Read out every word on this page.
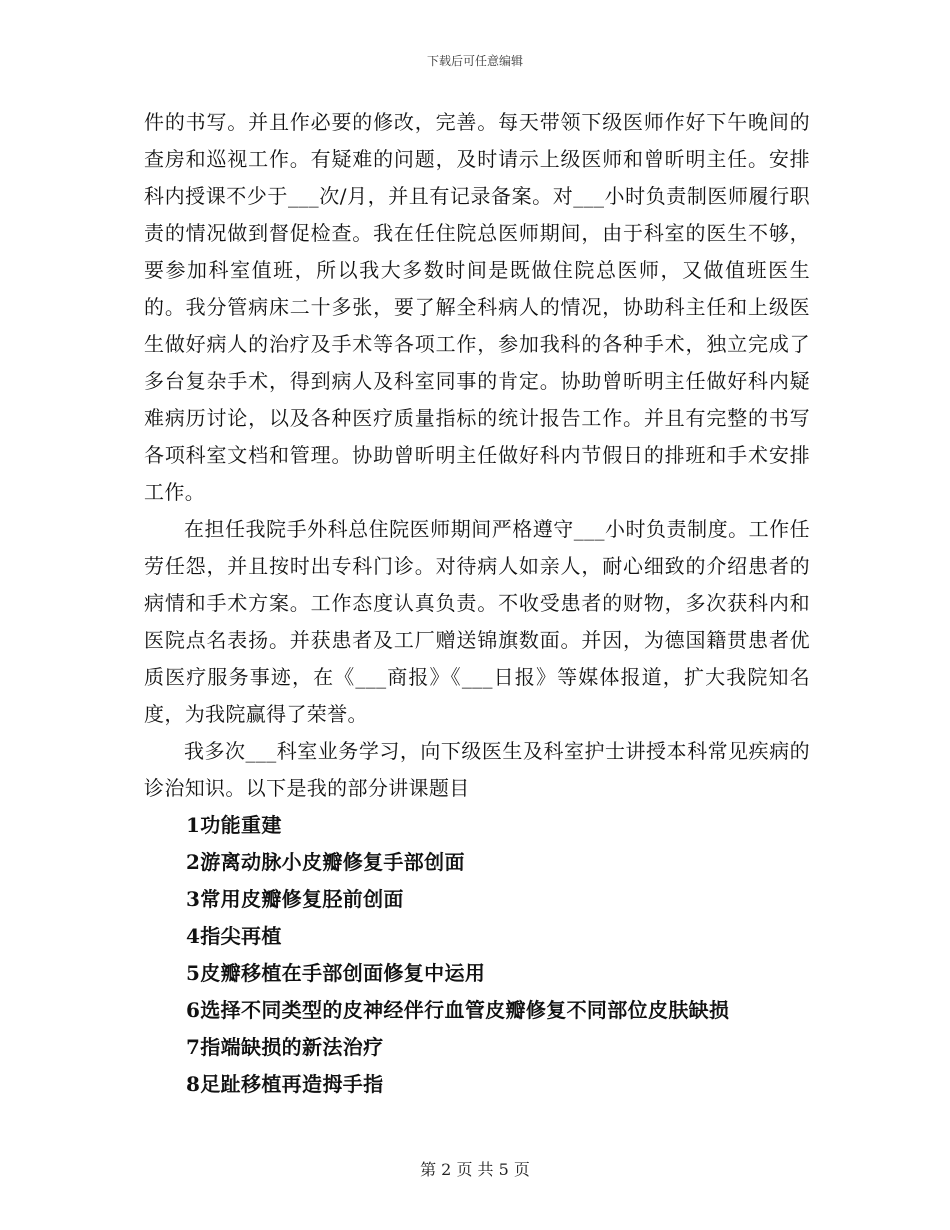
下载后可任意编辑

件的书写。并且作必要的修改，完善。每天带领下级医师作好下午晚间的查房和巡视工作。有疑难的问题，及时请示上级医师和曾昕明主任。安排科内授课不少于___次/月，并且有记录备案。对___小时负责制医师履行职责的情况做到督促检查。我在任住院总医师期间，由于科室的医生不够，要参加科室值班，所以我大多数时间是既做住院总医师，又做值班医生的。我分管病床二十多张，要了解全科病人的情况，协助科主任和上级医生做好病人的治疗及手术等各项工作，参加我科的各种手术，独立完成了多台复杂手术，得到病人及科室同事的肯定。协助曾昕明主任做好科内疑难病历讨论，以及各种医疗质量指标的统计报告工作。并且有完整的书写各项科室文档和管理。协助曾昕明主任做好科内节假日的排班和手术安排工作。

在担任我院手外科总住院医师期间严格遵守___小时负责制度。工作任劳任怨，并且按时出专科门诊。对待病人如亲人，耐心细致的介绍患者的病情和手术方案。工作态度认真负责。不收受患者的财物，多次获科内和医院点名表扬。并获患者及工厂赠送锦旗数面。并因，为德国籍贯患者优质医疗服务事迹，在《___商报》《___日报》等媒体报道，扩大我院知名度，为我院赢得了荣誉。

我多次___科室业务学习，向下级医生及科室护士讲授本科常见疾病的诊治知识。以下是我的部分讲课题目

1功能重建
2游离动脉小皮瓣修复手部创面
3常用皮瓣修复胫前创面
4指尖再植
5皮瓣移植在手部创面修复中运用
6选择不同类型的皮神经伴行血管皮瓣修复不同部位皮肤缺损
7指端缺损的新法治疗
8足趾移植再造拇手指
第 2 页 共 5 页
